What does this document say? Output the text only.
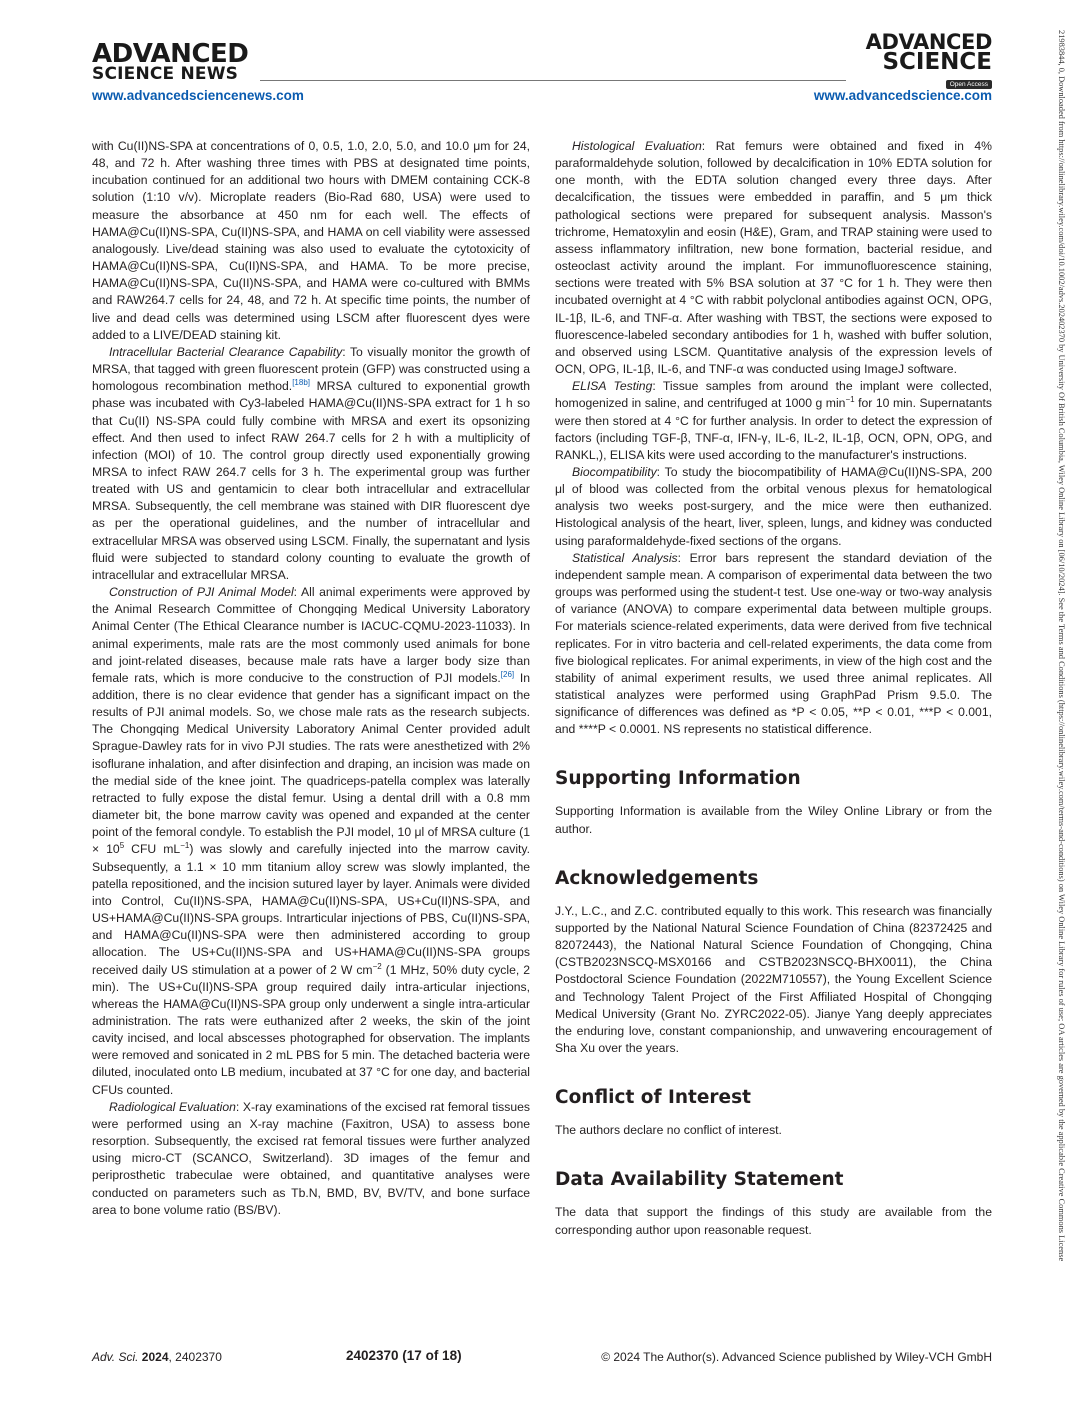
ADVANCED
SCIENCE NEWS
ADVANCED
SCIENCE
Open Access
www.advancedsciencenews.com	www.advancedscience.com

with Cu(II)NS-SPA at concentrations of 0, 0.5, 1.0, 2.0, 5.0, and 10.0 μm for 24, 48, and 72 h. After washing three times with PBS at designated time points, incubation continued for an additional two hours with DMEM containing CCK-8 solution (1:10 v/v). Microplate readers (Bio-Rad 680, USA) were used to measure the absorbance at 450 nm for each well. The effects of HAMA@Cu(II)NS-SPA, Cu(II)NS-SPA, and HAMA on cell viability were assessed analogously. Live/dead staining was also used to evaluate the cytotoxicity of HAMA@Cu(II)NS-SPA, Cu(II)NS-SPA, and HAMA. To be more precise, HAMA@Cu(II)NS-SPA, Cu(II)NS-SPA, and HAMA were co-cultured with BMMs and RAW264.7 cells for 24, 48, and 72 h. At specific time points, the number of live and dead cells was determined using LSCM after fluorescent dyes were added to a LIVE/DEAD staining kit.

Intracellular Bacterial Clearance Capability: To visually monitor the growth of MRSA, that tagged with green fluorescent protein (GFP) was constructed using a homologous recombination method.[18b] MRSA cultured to exponential growth phase was incubated with Cy3-labeled HAMA@Cu(II)NS-SPA extract for 1 h so that Cu(II) NS-SPA could fully combine with MRSA and exert its opsonizing effect. And then used to infect RAW 264.7 cells for 2 h with a multiplicity of infection (MOI) of 10. The control group directly used exponentially growing MRSA to infect RAW 264.7 cells for 3 h. The experimental group was further treated with US and gentamicin to clear both intracellular and extracellular MRSA. Subsequently, the cell membrane was stained with DIR fluorescent dye as per the operational guidelines, and the number of intracellular and extracellular MRSA was observed using LSCM. Finally, the supernatant and lysis fluid were subjected to standard colony counting to evaluate the growth of intracellular and extracellular MRSA.

Construction of PJI Animal Model: All animal experiments were approved by the Animal Research Committee of Chongqing Medical University Laboratory Animal Center (The Ethical Clearance number is IACUC-CQMU-2023-11033). In animal experiments, male rats are the most commonly used animals for bone and joint-related diseases, because male rats have a larger body size than female rats, which is more conducive to the construction of PJI models.[26] In addition, there is no clear evidence that gender has a significant impact on the results of PJI animal models. So, we chose male rats as the research subjects. The Chongqing Medical University Laboratory Animal Center provided adult Sprague-Dawley rats for in vivo PJI studies. The rats were anesthetized with 2% isoflurane inhalation, and after disinfection and draping, an incision was made on the medial side of the knee joint. The quadriceps-patella complex was laterally retracted to fully expose the distal femur. Using a dental drill with a 0.8 mm diameter bit, the bone marrow cavity was opened and expanded at the center point of the femoral condyle. To establish the PJI model, 10 μl of MRSA culture ($1 \times 10^5$ CFU $mL^{-1}$) was slowly and carefully injected into the marrow cavity. Subsequently, a 1.1 × 10 mm titanium alloy screw was slowly implanted, the patella repositioned, and the incision sutured layer by layer. Animals were divided into Control, Cu(II)NS-SPA, HAMA@Cu(II)NS-SPA, US+Cu(II)NS-SPA, and US+HAMA@Cu(II)NS-SPA groups. Intrarticular injections of PBS, Cu(II)NS-SPA, and HAMA@Cu(II)NS-SPA were then administered according to group allocation. The US+Cu(II)NS-SPA and US+HAMA@Cu(II)NS-SPA groups received daily US stimulation at a power of 2 W $cm^{-2}$ (1 MHz, 50% duty cycle, 2 min). The US+Cu(II)NS-SPA group required daily intra-articular injections, whereas the HAMA@Cu(II)NS-SPA group only underwent a single intra-articular administration. The rats were euthanized after 2 weeks, the skin of the joint cavity incised, and local abscesses photographed for observation. The implants were removed and sonicated in 2 mL PBS for 5 min. The detached bacteria were diluted, inoculated onto LB medium, incubated at 37 °C for one day, and bacterial CFUs counted.

Radiological Evaluation: X-ray examinations of the excised rat femoral tissues were performed using an X-ray machine (Faxitron, USA) to assess bone resorption. Subsequently, the excised rat femoral tissues were further analyzed using micro-CT (SCANCO, Switzerland). 3D images of the femur and periprosthetic trabeculae were obtained, and quantitative analyses were conducted on parameters such as Tb.N, BMD, BV, BV/TV, and bone surface area to bone volume ratio (BS/BV).

Histological Evaluation: Rat femurs were obtained and fixed in 4% paraformaldehyde solution, followed by decalcification in 10% EDTA solution for one month, with the EDTA solution changed every three days. After decalcification, the tissues were embedded in paraffin, and 5 μm thick pathological sections were prepared for subsequent analysis. Masson's trichrome, Hematoxylin and eosin (H&E), Gram, and TRAP staining were used to assess inflammatory infiltration, new bone formation, bacterial residue, and osteoclast activity around the implant. For immunofluorescence staining, sections were treated with 5% BSA solution at 37 °C for 1 h. They were then incubated overnight at 4 °C with rabbit polyclonal antibodies against OCN, OPG, IL-1β, IL-6, and TNF-α. After washing with TBST, the sections were exposed to fluorescence-labeled secondary antibodies for 1 h, washed with buffer solution, and observed using LSCM. Quantitative analysis of the expression levels of OCN, OPG, IL-1β, IL-6, and TNF-α was conducted using ImageJ software.

ELISA Testing: Tissue samples from around the implant were collected, homogenized in saline, and centrifuged at 1000 g $\min^{-1}$ for 10 min. Supernatants were then stored at 4 °C for further analysis. In order to detect the expression of factors (including TGF-β, TNF-α, IFN-γ, IL-6, IL-2, IL-1β, OCN, OPN, OPG, and RANKL,), ELISA kits were used according to the manufacturer's instructions.

Biocompatibility: To study the biocompatibility of HAMA@Cu(II)NS-SPA, 200 μl of blood was collected from the orbital venous plexus for hematological analysis two weeks post-surgery, and the mice were then euthanized. Histological analysis of the heart, liver, spleen, lungs, and kidney was conducted using paraformaldehyde-fixed sections of the organs.

Statistical Analysis: Error bars represent the standard deviation of the independent sample mean. A comparison of experimental data between the two groups was performed using the student-t test. Use one-way or two-way analysis of variance (ANOVA) to compare experimental data between multiple groups. For materials science-related experiments, data were derived from five technical replicates. For in vitro bacteria and cell-related experiments, the data come from five biological replicates. For animal experiments, in view of the high cost and the stability of animal experiment results, we used three animal replicates. All statistical analyzes were performed using GraphPad Prism 9.5.0. The significance of differences was defined as *P < 0.05, **P < 0.01, ***P < 0.001, and ****P < 0.0001. NS represents no statistical difference.

Supporting Information

Supporting Information is available from the Wiley Online Library or from the author.

Acknowledgements

J.Y., L.C., and Z.C. contributed equally to this work. This research was financially supported by the National Natural Science Foundation of China (82372425 and 82072443), the National Natural Science Foundation of Chongqing, China (CSTB2023NSCQ-MSX0166 and CSTB2023NSCQ-BHX0011), the China Postdoctoral Science Foundation (2022M710557), the Young Excellent Science and Technology Talent Project of the First Affiliated Hospital of Chongqing Medical University (Grant No. ZYRC2022-05). Jianye Yang deeply appreciates the enduring love, constant companionship, and unwavering encouragement of Sha Xu over the years.

Conflict of Interest

The authors declare no conflict of interest.

Data Availability Statement

The data that support the findings of this study are available from the corresponding author upon reasonable request.

Adv. Sci. 2024, 2402370	2402370 (17 of 18)	© 2024 The Author(s). Advanced Science published by Wiley-VCH GmbH
21983844, 0, Downloaded from https://onlinelibrary.wiley.com/doi/10.1002/advs.202402370 by University Of British Columbia, Wiley Online Library on [06/10/2024]. See the Terms and Conditions (https://onlinelibrary.wiley.com/terms-and-conditions) on Wiley Online Library for rules of use; OA articles are governed by the applicable Creative Commons License
